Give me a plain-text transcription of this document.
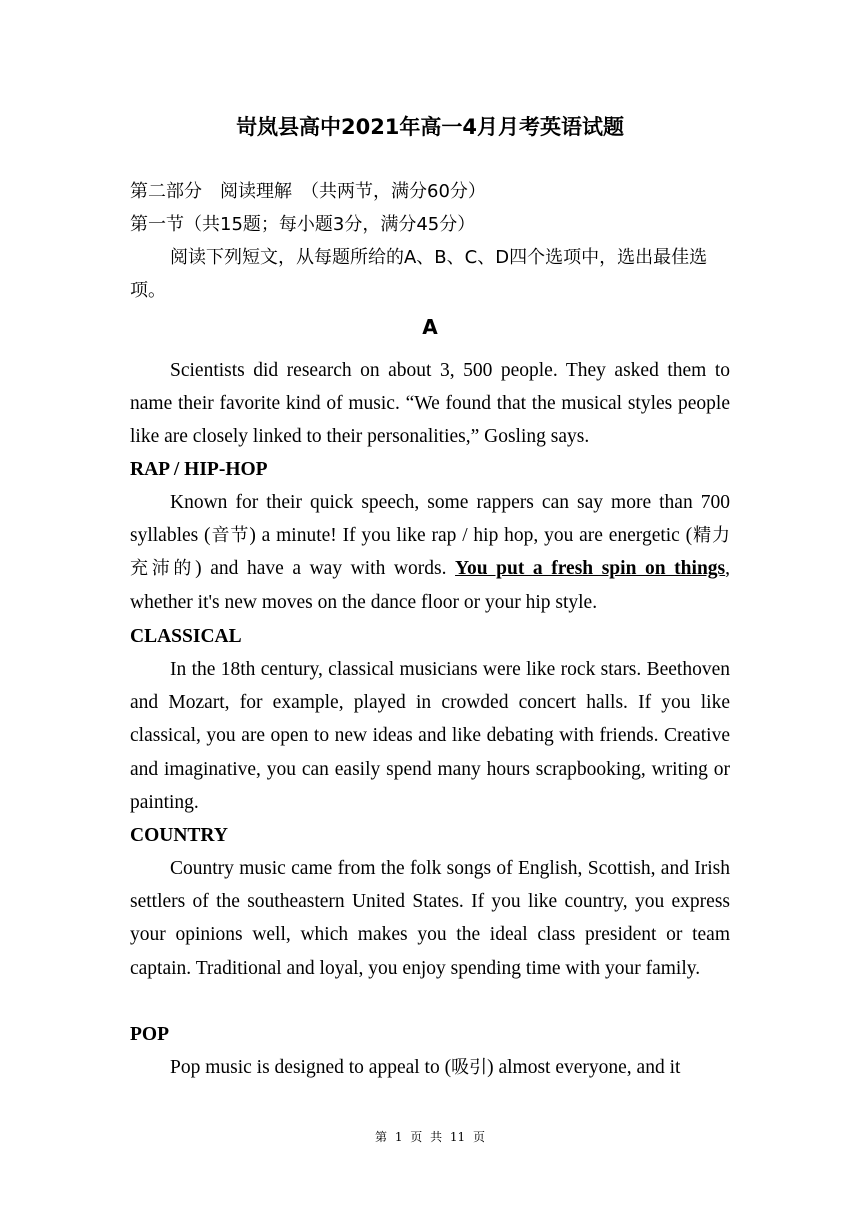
岢岚县高中2021年高一4月月考英语试题
第二部分　阅读理解　（共两节，满分60分）
第一节（共15题；每小题3分，满分45分）
阅读下列短文，从每题所给的A、B、C、D四个选项中，选出最佳选项。
A
Scientists did research on about 3, 500 people. They asked them to name their favorite kind of music. “We found that the musical styles people like are closely linked to their personalities,” Gosling says.
RAP / HIP-HOP
Known for their quick speech, some rappers can say more than 700 syllables (音节) a minute! If you like rap / hip hop, you are energetic (精力充沛的) and have a way with words. You put a fresh spin on things, whether it's new moves on the dance floor or your hip style.
CLASSICAL
In the 18th century, classical musicians were like rock stars. Beethoven and Mozart, for example, played in crowded concert halls. If you like classical, you are open to new ideas and like debating with friends. Creative and imaginative, you can easily spend many hours scrapbooking, writing or painting.
COUNTRY
Country music came from the folk songs of English, Scottish, and Irish settlers of the southeastern United States. If you like country, you express your opinions well, which makes you the ideal class president or team captain. Traditional and loyal, you enjoy spending time with your family.
POP
Pop music is designed to appeal to (吸引) almost everyone, and it
第 1 页 共 11 页
